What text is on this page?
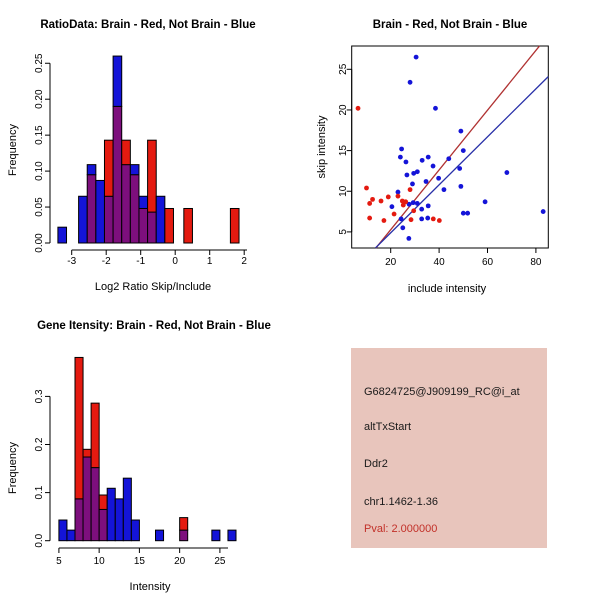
RatioData: Brain - Red, Not Brain - Blue
Frequency
Log2 Ratio Skip/Include
0.00
0.05
0.10
0.15
0.20
0.25
-3	-2	-1	0	1	2
Brain - Red, Not Brain - Blue
skip intensity
include intensity
5
10
15
20
25
20	40	60	80
Gene Itensity: Brain - Red, Not Brain - Blue
Frequency
Intensity
0.0
0.1
0.2
0.3
5	10	15	20	25
G6824725@J909199_RC@i_at
altTxStart
Ddr2
chr1.1462-1.36
Pval: 2.000000
